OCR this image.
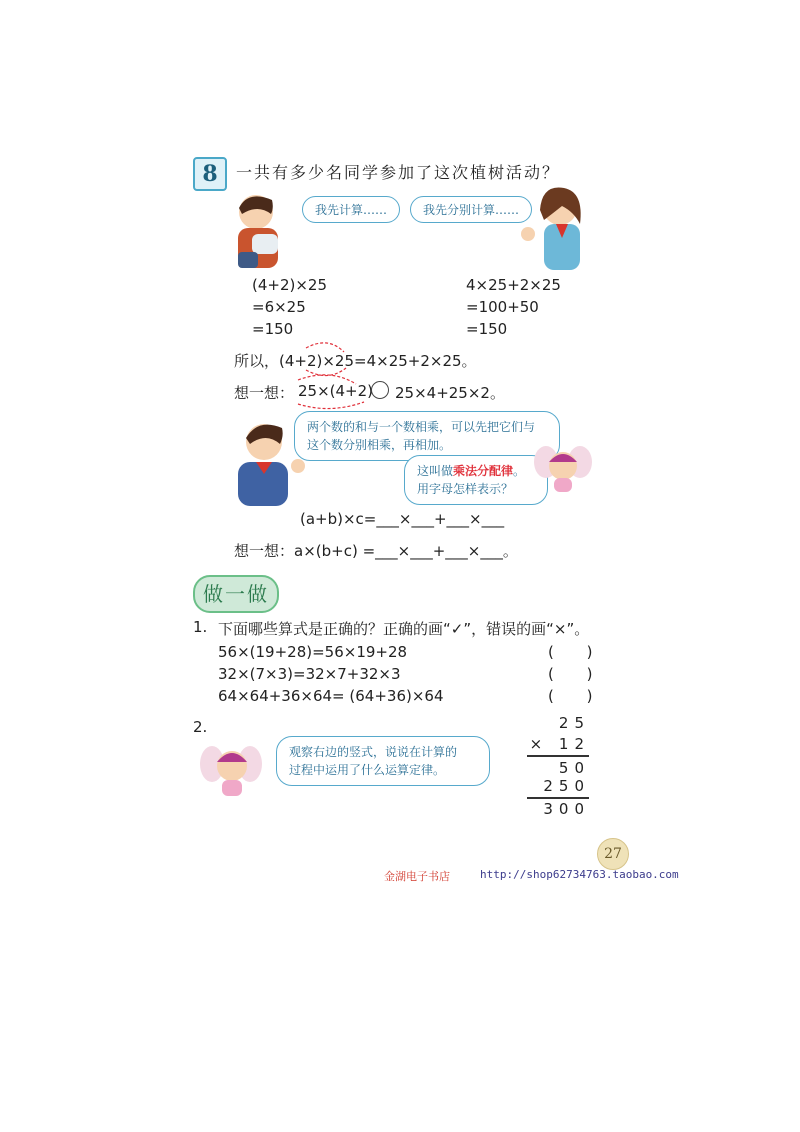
8	一共有多少名同学参加了这次植树活动？
我先计算……	我先分别计算……
(4+2)×25
=6×25
=150
4×25+2×25
=100+50
=150
所以，(4+2)×25=4×25+2×25。
想一想： 25×(4+2) 25×4+25×2。
两个数的和与一个数相乘，可以先把它们与
这个数分别相乘，再相加。
这叫做乘法分配律。
用字母怎样表示？
(a+b)×c=___×___+___×___
想一想：a×(b+c) =___×___+___×___。
做一做
1. 下面哪些算式是正确的？正确的画“✓”，错误的画“×”。
56×(19+28)=56×19+28	( )
32×(7×3)=32×7+32×3	( )
64×64+36×64= (64+36)×64	( )
2.
观察右边的竖式，说说在计算的
过程中运用了什么运算定律。
25
× 12
50
250
300
27
金湖电子书店	http://shop62734763.taobao.com
